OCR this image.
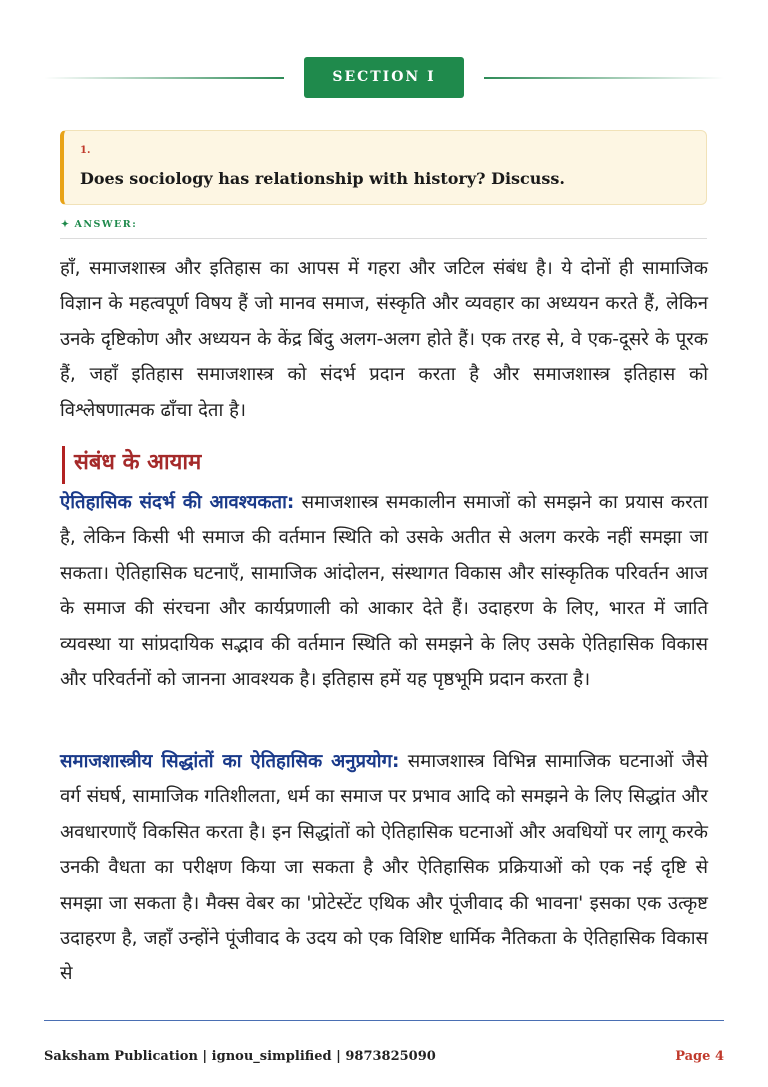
SECTION I
1.
Does sociology has relationship with history? Discuss.
✦ ANSWER:
हाँ, समाजशास्त्र और इतिहास का आपस में गहरा और जटिल संबंध है। ये दोनों ही सामाजिक विज्ञान के महत्वपूर्ण विषय हैं जो मानव समाज, संस्कृति और व्यवहार का अध्ययन करते हैं, लेकिन उनके दृष्टिकोण और अध्ययन के केंद्र बिंदु अलग-अलग होते हैं। एक तरह से, वे एक-दूसरे के पूरक हैं, जहाँ इतिहास समाजशास्त्र को संदर्भ प्रदान करता है और समाजशास्त्र इतिहास को विश्लेषणात्मक ढाँचा देता है।
संबंध के आयाम
ऐतिहासिक संदर्भ की आवश्यकता: समाजशास्त्र समकालीन समाजों को समझने का प्रयास करता है, लेकिन किसी भी समाज की वर्तमान स्थिति को उसके अतीत से अलग करके नहीं समझा जा सकता। ऐतिहासिक घटनाएँ, सामाजिक आंदोलन, संस्थागत विकास और सांस्कृतिक परिवर्तन आज के समाज की संरचना और कार्यप्रणाली को आकार देते हैं। उदाहरण के लिए, भारत में जाति व्यवस्था या सांप्रदायिक सद्भाव की वर्तमान स्थिति को समझने के लिए उसके ऐतिहासिक विकास और परिवर्तनों को जानना आवश्यक है। इतिहास हमें यह पृष्ठभूमि प्रदान करता है।
समाजशास्त्रीय सिद्धांतों का ऐतिहासिक अनुप्रयोग: समाजशास्त्र विभिन्न सामाजिक घटनाओं जैसे वर्ग संघर्ष, सामाजिक गतिशीलता, धर्म का समाज पर प्रभाव आदि को समझने के लिए सिद्धांत और अवधारणाएँ विकसित करता है। इन सिद्धांतों को ऐतिहासिक घटनाओं और अवधियों पर लागू करके उनकी वैधता का परीक्षण किया जा सकता है और ऐतिहासिक प्रक्रियाओं को एक नई दृष्टि से समझा जा सकता है। मैक्स वेबर का 'प्रोटेस्टेंट एथिक और पूंजीवाद की भावना' इसका एक उत्कृष्ट उदाहरण है, जहाँ उन्होंने पूंजीवाद के उदय को एक विशिष्ट धार्मिक नैतिकता के ऐतिहासिक विकास से
Saksham Publication | ignou_simplified | 9873825090	Page 4
